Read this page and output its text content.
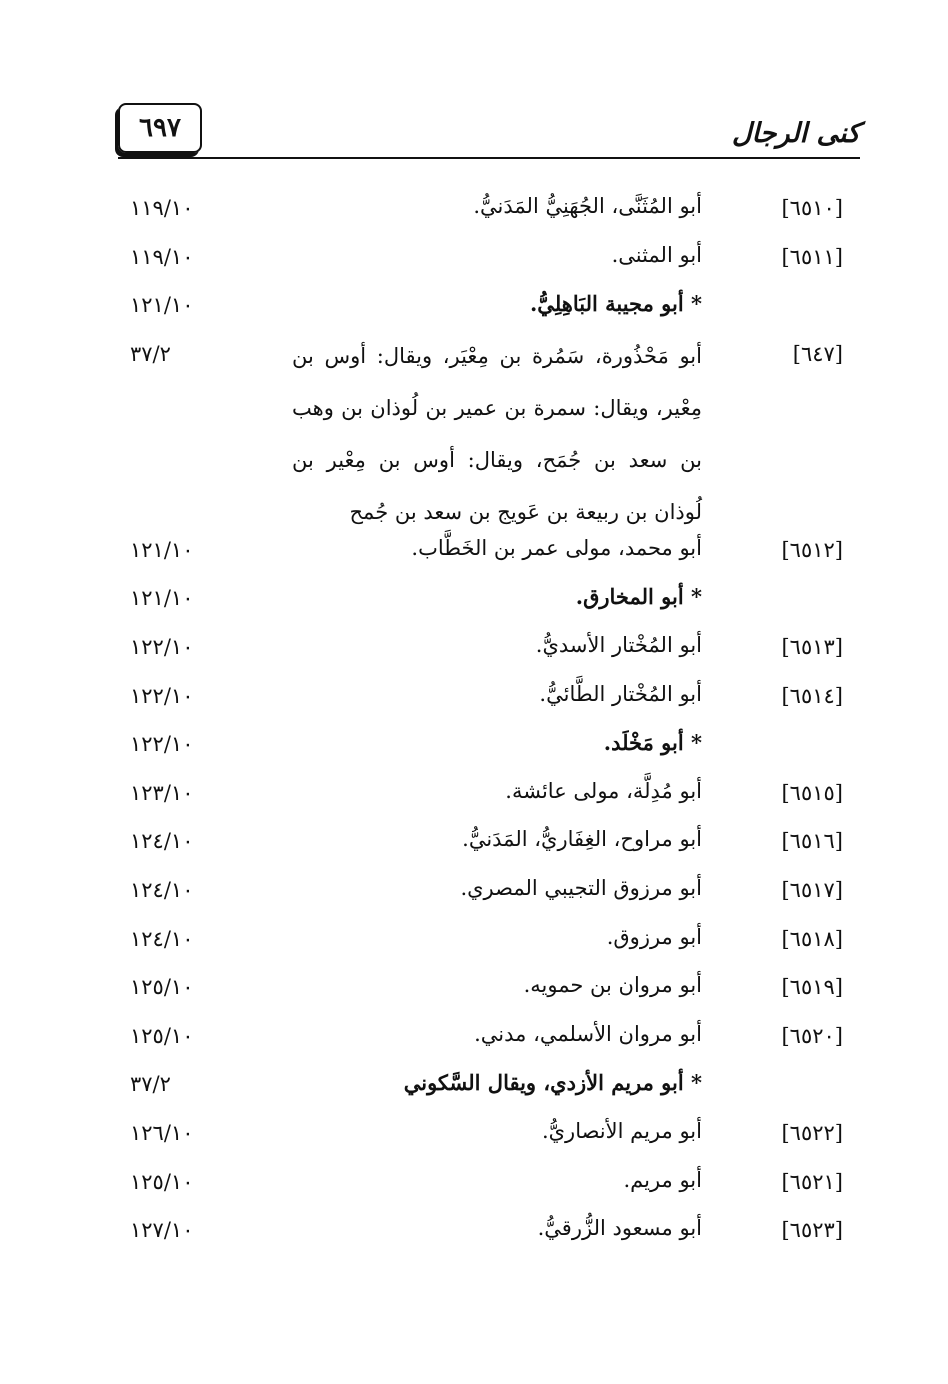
٦٩٧	كنى الرجال
[٦٥١٠]
أبو المُثَنَّى، الجُهَنِيُّ المَدَنيُّ.
١١٩/١٠
[٦٥١١]
أبو المثنى.
١١٩/١٠
* أبو مجيبة البَاهِلِيُّ.
١٢١/١٠
[٦٤٧]
أبو مَحْذُورة، سَمُرة بن مِعْيَر، ويقال: أوس بن مِعْير، ويقال: سمرة بن عمير بن لُوذان بن وهب بن سعد بن جُمَح، ويقال: أوس بن مِعْير بن لُوذان بن ربيعة بن عَويج بن سعد بن جُمح
٣٧/٢
[٦٥١٢]
أبو محمد، مولى عمر بن الخَطَّاب.
١٢١/١٠
* أبو المخارق.
١٢١/١٠
[٦٥١٣]
أبو المُخْتار الأسديُّ.
١٢٢/١٠
[٦٥١٤]
أبو المُخْتار الطَّائيُّ.
١٢٢/١٠
* أبو مَخْلَد.
١٢٢/١٠
[٦٥١٥]
أبو مُدِلَّة، مولى عائشة.
١٢٣/١٠
[٦٥١٦]
أبو مراوح، الغِفَاريُّ، المَدَنيُّ.
١٢٤/١٠
[٦٥١٧]
أبو مرزوق التجيبي المصري.
١٢٤/١٠
[٦٥١٨]
أبو مرزوق.
١٢٤/١٠
[٦٥١٩]
أبو مروان بن حمويه.
١٢٥/١٠
[٦٥٢٠]
أبو مروان الأسلمي، مدني.
١٢٥/١٠
* أبو مريم الأزدي، ويقال السَّكوني
٣٧/٢
[٦٥٢٢]
أبو مريم الأنصاريُّ.
١٢٦/١٠
[٦٥٢١]
أبو مريم.
١٢٥/١٠
[٦٥٢٣]
أبو مسعود الزُّرقيُّ.
١٢٧/١٠
